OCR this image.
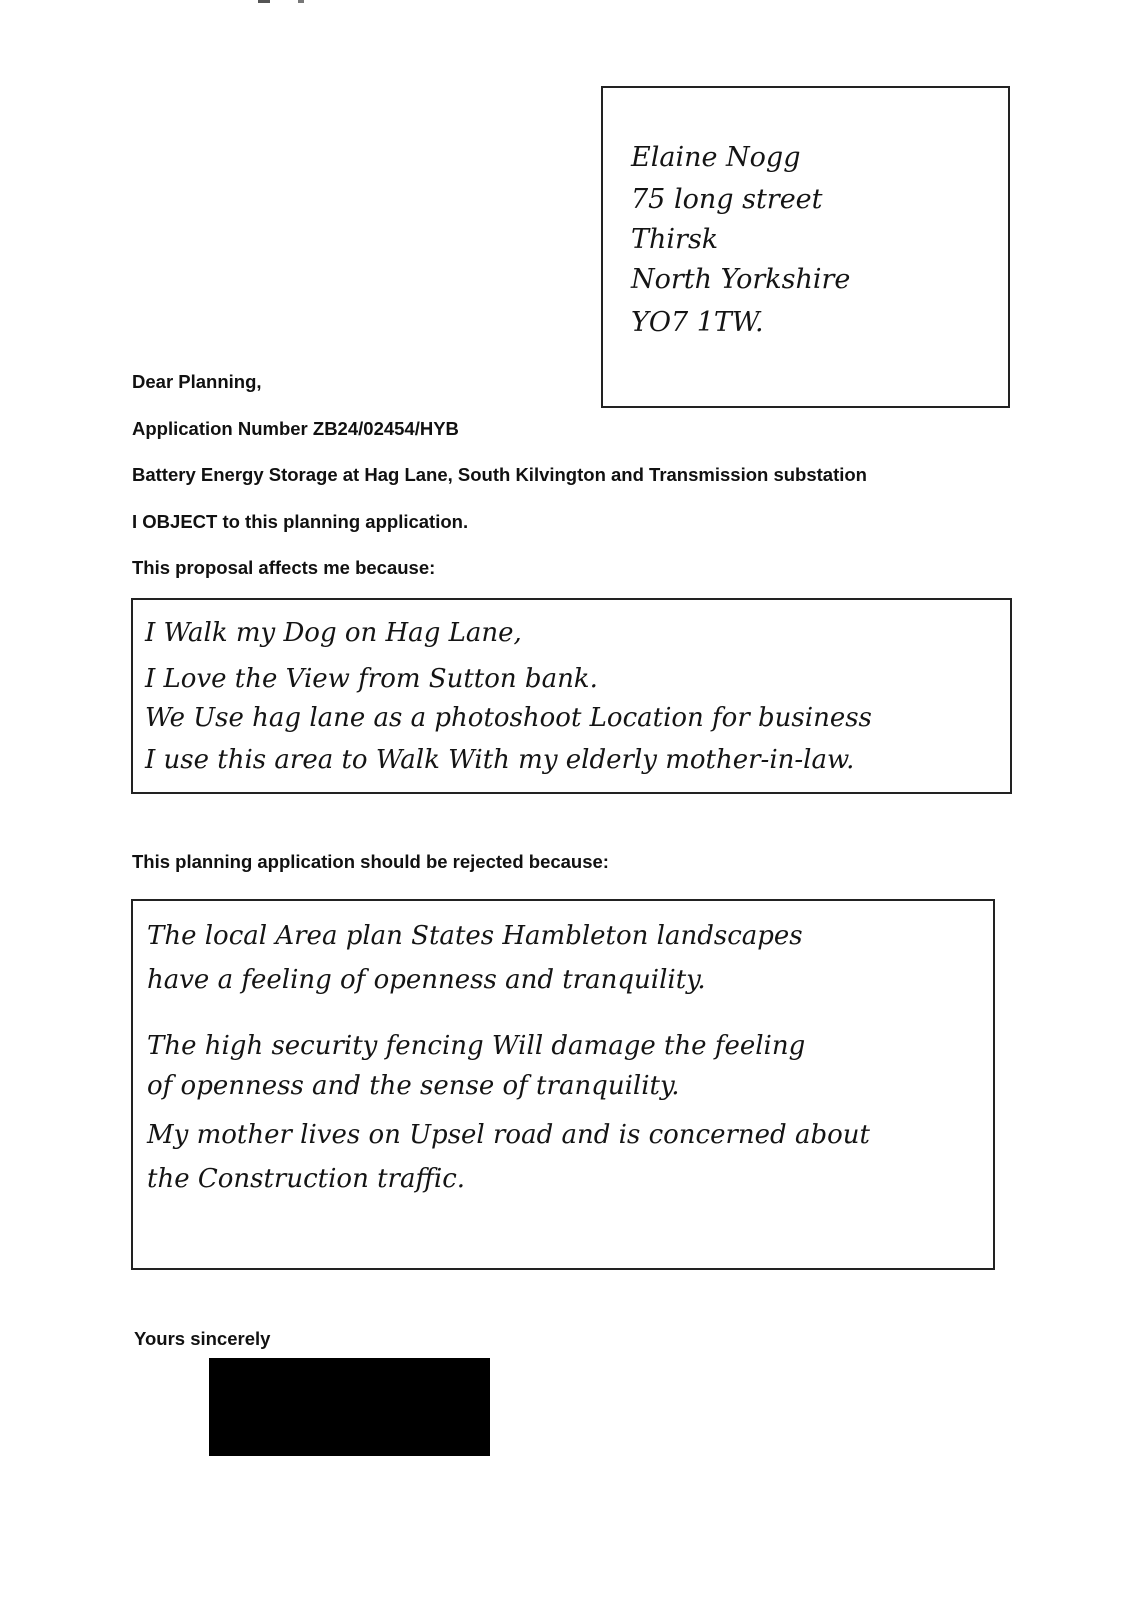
Elaine Nogg
75 long street
Thirsk
North Yorkshire
YO7 1TW.
Dear Planning,
Application Number ZB24/02454/HYB
Battery Energy Storage at Hag Lane, South Kilvington and Transmission substation
I OBJECT to this planning application.
This proposal affects me because:
I Walk my Dog on Hag Lane,
I Love the View from Sutton bank.
We Use hag lane as a photoshoot Location for business
I use this area to Walk With my elderly mother-in-law.
This planning application should be rejected because:
The local Area plan States Hambleton landscapes
have a feeling of openness and tranquility.
The high security fencing Will damage the feeling
of openness and the sense of tranquility.
My mother lives on Upsel road and is concerned about
the Construction traffic.
Yours sincerely
